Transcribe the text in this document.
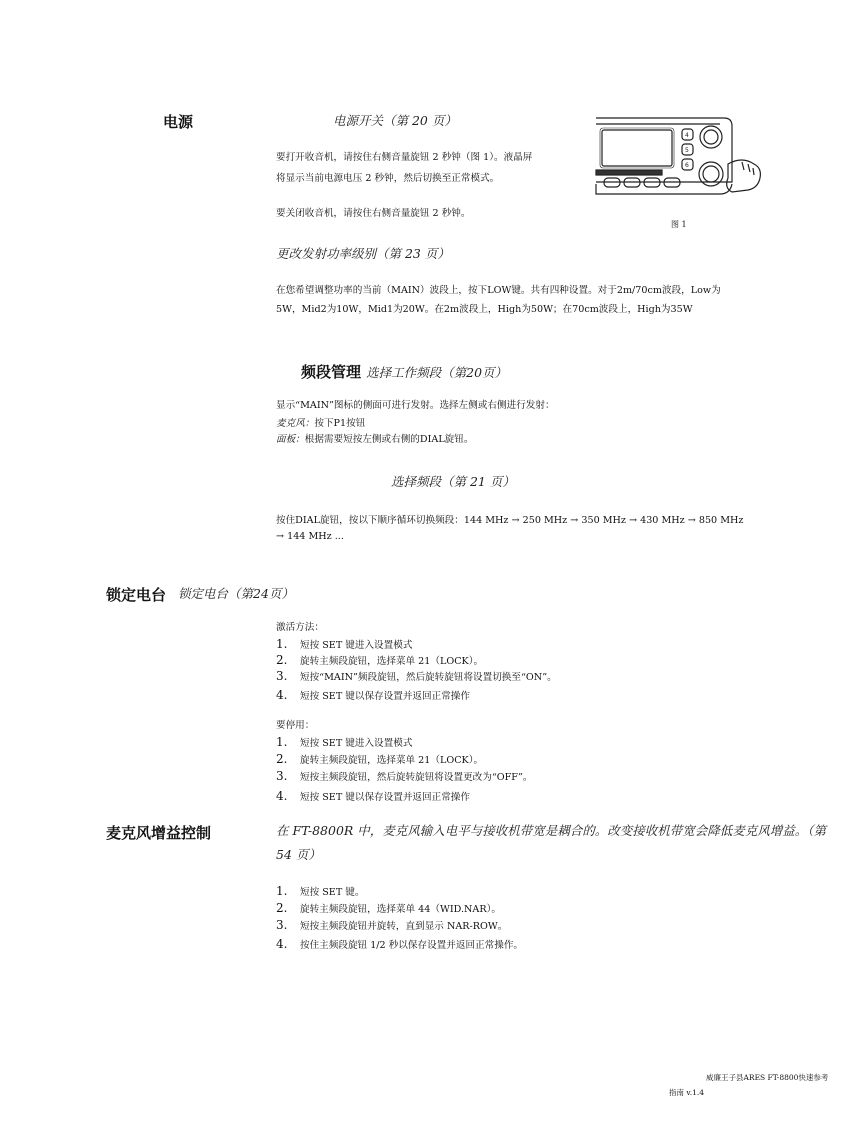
电源	电源开关（第 20 页）
要打开收音机，请按住右侧音量旋钮 2 秒钟（图 1）。液晶屏
将显示当前电源电压 2 秒钟，然后切换至正常模式。
要关闭收音机，请按住右侧音量旋钮 2 秒钟。
4
5
6
图 1
更改发射功率级别（第 23 页）
在您希望调整功率的当前（MAIN）波段上，按下LOW键。共有四种设置。对于2m/70cm波段，Low为
5W，Mid2为10W，Mid1为20W。在2m波段上，High为50W；在70cm波段上，High为35W
频段管理 选择工作频段（第20页）
显示“MAIN”图标的侧面可进行发射。选择左侧或右侧进行发射：
麦克风：按下P1按钮
面板：根据需要短按左侧或右侧的DIAL旋钮。
选择频段（第 21 页）
按住DIAL旋钮，按以下顺序循环切换频段：144 MHz → 250 MHz → 350 MHz → 430 MHz → 850 MHz
→ 144 MHz ...
锁定电台 锁定电台（第24页）
激活方法：
1. 短按 SET 键进入设置模式
2. 旋转主频段旋钮，选择菜单 21（LOCK）。
3. 短按“MAIN”频段旋钮，然后旋转旋钮将设置切换至“ON”。
4. 短按 SET 键以保存设置并返回正常操作
要停用：
1. 短按 SET 键进入设置模式
2. 旋转主频段旋钮，选择菜单 21（LOCK）。
3. 短按主频段旋钮，然后旋转旋钮将设置更改为“OFF”。
4. 短按 SET 键以保存设置并返回正常操作
麦克风增益控制	在 FT-8800R 中，麦克风输入电平与接收机带宽是耦合的。改变接收机带宽会降低麦克风增益。（第
54 页）
1. 短按 SET 键。
2. 旋转主频段旋钮，选择菜单 44（WID.NAR）。
3. 短按主频段旋钮并旋转，直到显示 NAR-ROW。
4. 按住主频段旋钮 1/2 秒以保存设置并返回正常操作。
威廉王子县ARES FT-8800快速参考
指南 v.1.4
